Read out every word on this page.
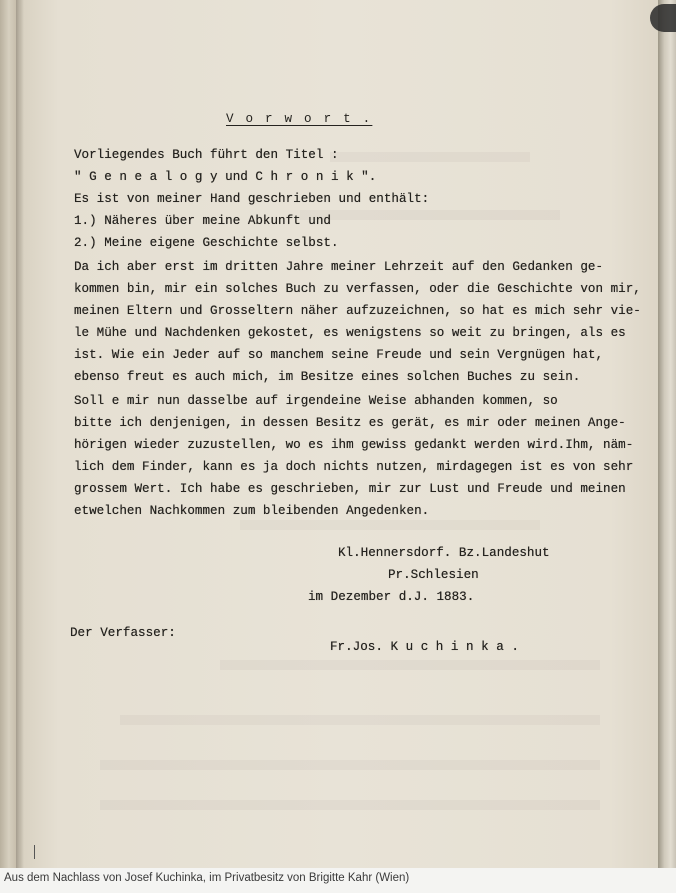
V o r w o r t .
Vorliegendes Buch führt den Titel :
" G e n e a l o g y und C h r o n i k ".
Es ist von meiner Hand geschrieben und enthält:
1.) Näheres über meine Abkunft und
2.) Meine eigene Geschichte selbst.
Da ich aber erst im dritten Jahre meiner Lehrzeit auf den Gedanken ge-
kommen bin, mir ein solches Buch zu verfassen, oder die Geschichte von mir,
meinen Eltern und Grosseltern näher aufzuzeichnen, so hat es mich sehr vie-
le Mühe und Nachdenken gekostet, es wenigstens so weit zu bringen, als es
ist. Wie ein Jeder auf so manchem seine Freude und sein Vergnügen hat,
ebenso freut es auch mich, im Besitze eines solchen Buches zu sein.
Soll e mir nun dasselbe auf irgendeine Weise abhanden kommen, so
bitte ich denjenigen, in dessen Besitz es gerät, es mir oder meinen Ange-
hörigen wieder zuzustellen, wo es ihm gewiss gedankt werden wird.Ihm, näm-
lich dem Finder, kann es ja doch nichts nutzen, mirdagegen ist es von sehr
grossem Wert. Ich habe es geschrieben, mir zur Lust und Freude und meinen
etwelchen Nachkommen zum bleibenden Angedenken.
Kl.Hennersdorf. Bz.Landeshut
Pr.Schlesien
im Dezember d.J. 1883.
Der Verfasser:
Fr.Jos. K u c h i n k a .
Aus dem Nachlass von Josef Kuchinka, im Privatbesitz von Brigitte Kahr (Wien)
